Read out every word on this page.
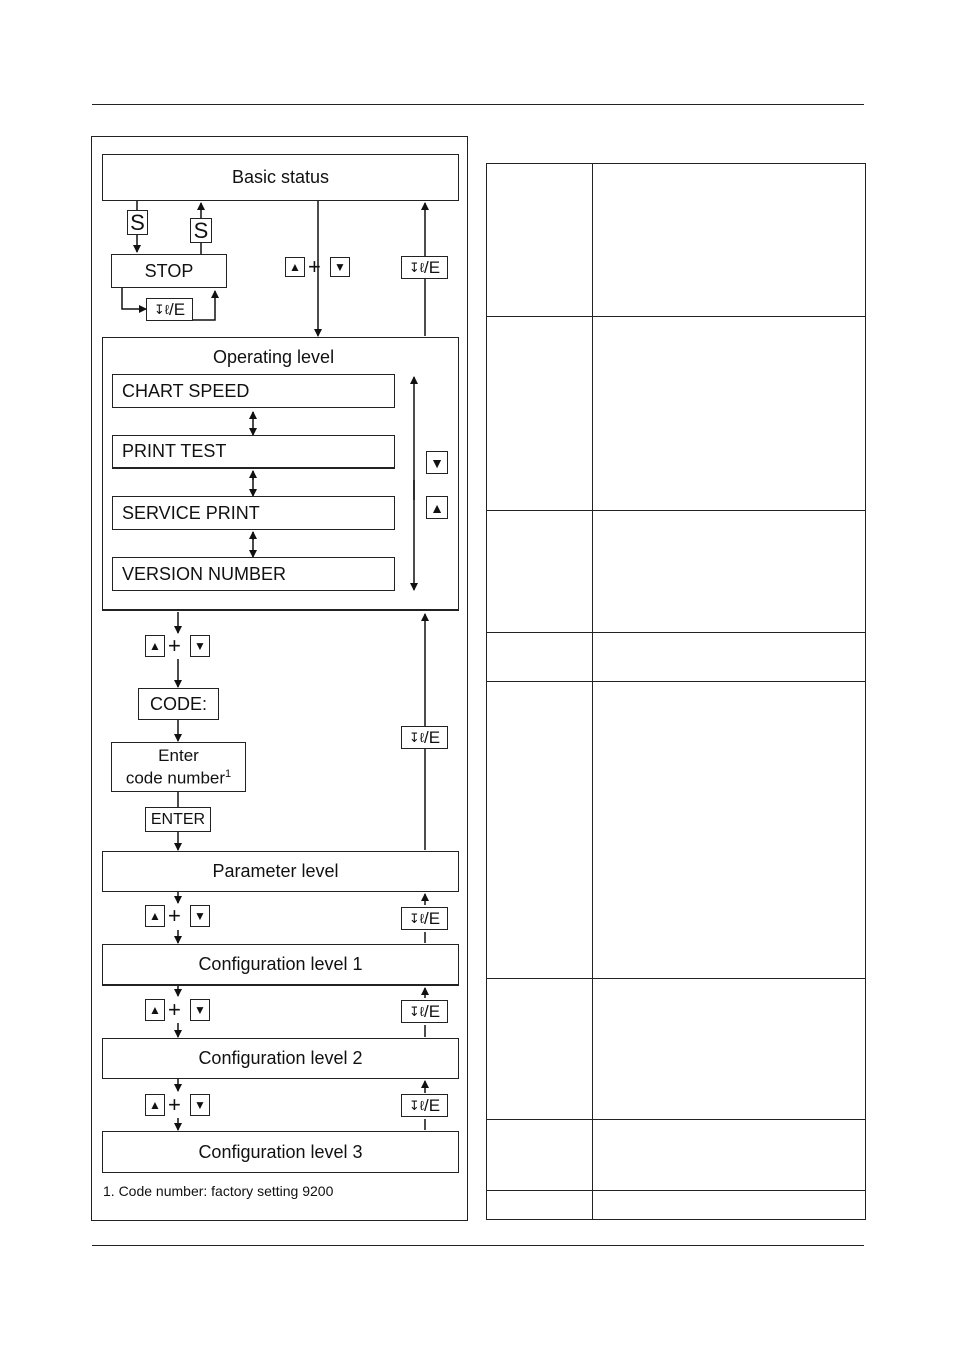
Basic status
S S
STOP
↧ℓ /E
▲ +	▼	↧ℓ /E
Operating level
CHART SPEED
PRINT TEST
SERVICE PRINT
VERSION NUMBER
▼
▲
▲ +	▼
CODE:
Enter
code number$^1$
ENTER
↧ℓ /E
Parameter level
▲ +	▼	↧ℓ /E
Configuration level 1
▲ +	▼	↧ℓ /E
Configuration level 2
▲ +	▼	↧ℓ /E
Configuration level 3
1. Code number: factory setting 9200
